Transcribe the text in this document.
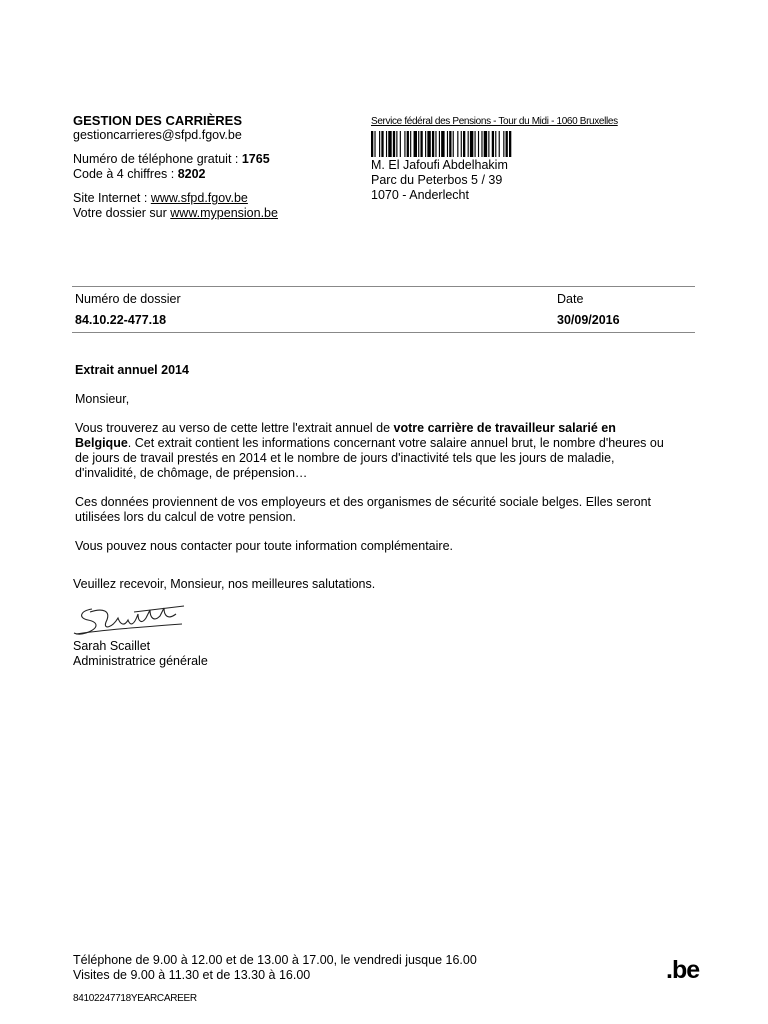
GESTION DES CARRIÈRES
gestioncarrieres@sfpd.fgov.be
Numéro de téléphone gratuit : 1765
Code à 4 chiffres : 8202
Site Internet : www.sfpd.fgov.be
Votre dossier sur www.mypension.be
Service fédéral des Pensions - Tour du Midi - 1060 Bruxelles
M. El Jafoufi Abdelhakim
Parc du Peterbos 5 / 39
1070 - Anderlecht
Numéro de dossier
84.10.22-477.18
Date
30/09/2016

Extrait annuel 2014

Monsieur,

Vous trouverez au verso de cette lettre l'extrait annuel de votre carrière de travailleur salarié en
Belgique. Cet extrait contient les informations concernant votre salaire annuel brut, le nombre d'heures ou
de jours de travail prestés en 2014 et le nombre de jours d'inactivité tels que les jours de maladie,
d'invalidité, de chômage, de prépension…

Ces données proviennent de vos employeurs et des organismes de sécurité sociale belges. Elles seront
utilisées lors du calcul de votre pension.

Vous pouvez nous contacter pour toute information complémentaire.

Veuillez recevoir, Monsieur, nos meilleures salutations.
Sarah Scaillet
Administratrice générale
Téléphone de 9.00 à 12.00 et de 13.00 à 17.00, le vendredi jusque 16.00
Visites de 9.00 à 11.30 et de 13.30 à 16.00
84102247718YEARCAREER
.be
